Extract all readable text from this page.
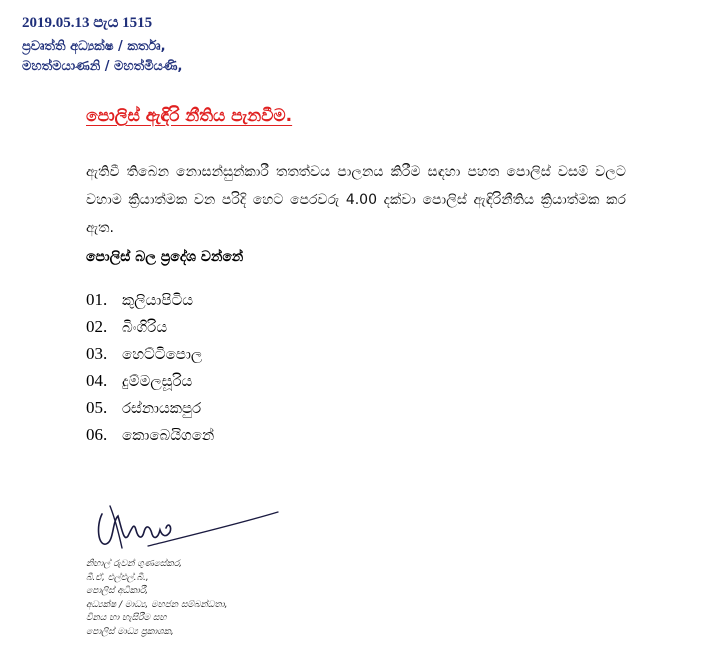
2019.05.13 පැය 1515
ප්‍රවෘත්ති අධ්‍යක්ෂ / කර්තෘ,
මහත්මයාණනි / මහත්මියණි,
පොලිස් ඇඳිරි නීතිය පැනවීම.
ඇතිවී තිබෙන නොසන්සුන්කාරී තතත්වය පාලනය කිරීම සඳහා පහත පොලිස් වසම් වලට වහාම ක්‍රියාත්මක වන පරිදි හෙට පෙරවරු 4.00 දක්වා පොලිස් ඇඳිරිනීතිය ක්‍රියාත්මක කර ඇත.
පොලිස් බල ප්‍රදේශ වන්නේ
01. කුලියාපිටිය
02. බිංගිරිය
03. හෙට්ටිපොල
04. දුම්මලසූරිය
05. රස්නායකපුර
06. කොබෙයිගනේ
නිහාල් රුවන් ගුණසේකර,
බී.ඒ, එල්එල්.බී.,
පොලිස් අධිකාරී,
අධ්‍යක්ෂ / මාධ්‍ය, මහජන සම්බන්ධතා,
විනය හා හැසිරීම සහ
පොලිස් මාධ්‍ය ප්‍රකාශක,
